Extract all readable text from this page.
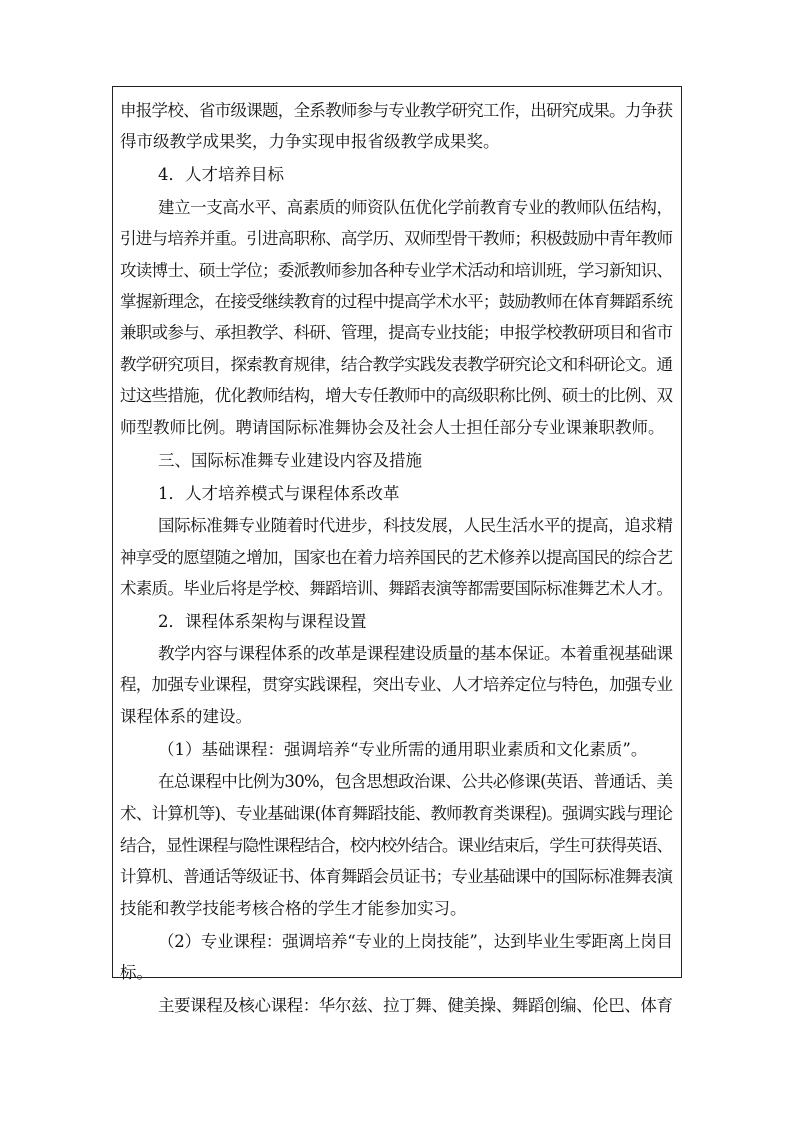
申报学校、省市级课题，全系教师参与专业教学研究工作，出研究成果。力争获
得市级教学成果奖，力争实现申报省级教学成果奖。
4．人才培养目标
建立一支高水平、高素质的师资队伍优化学前教育专业的教师队伍结构，
引进与培养并重。引进高职称、高学历、双师型骨干教师；积极鼓励中青年教师
攻读博士、硕士学位；委派教师参加各种专业学术活动和培训班，学习新知识、
掌握新理念，在接受继续教育的过程中提高学术水平；鼓励教师在体育舞蹈系统
兼职或参与、承担教学、科研、管理，提高专业技能；申报学校教研项目和省市
教学研究项目，探索教育规律，结合教学实践发表教学研究论文和科研论文。通
过这些措施，优化教师结构，增大专任教师中的高级职称比例、硕士的比例、双
师型教师比例。聘请国际标准舞协会及社会人士担任部分专业课兼职教师。
三、国际标准舞专业建设内容及措施
1．人才培养模式与课程体系改革
国际标准舞专业随着时代进步，科技发展，人民生活水平的提高，追求精
神享受的愿望随之增加，国家也在着力培养国民的艺术修养以提高国民的综合艺
术素质。毕业后将是学校、舞蹈培训、舞蹈表演等都需要国际标准舞艺术人才。
2．课程体系架构与课程设置
教学内容与课程体系的改革是课程建设质量的基本保证。本着重视基础课
程，加强专业课程，贯穿实践课程，突出专业、人才培养定位与特色，加强专业
课程体系的建设。
（1）基础课程：强调培养“专业所需的通用职业素质和文化素质”。
在总课程中比例为30%，包含思想政治课、公共必修课(英语、普通话、美
术、计算机等)、专业基础课(体育舞蹈技能、教师教育类课程)。强调实践与理论
结合，显性课程与隐性课程结合，校内校外结合。课业结束后，学生可获得英语、
计算机、普通话等级证书、体育舞蹈会员证书；专业基础课中的国际标准舞表演
技能和教学技能考核合格的学生才能参加实习。
（2）专业课程：强调培养“专业的上岗技能”，达到毕业生零距离上岗目
标。
主要课程及核心课程：华尔兹、拉丁舞、健美操、舞蹈创编、伦巴、体育
